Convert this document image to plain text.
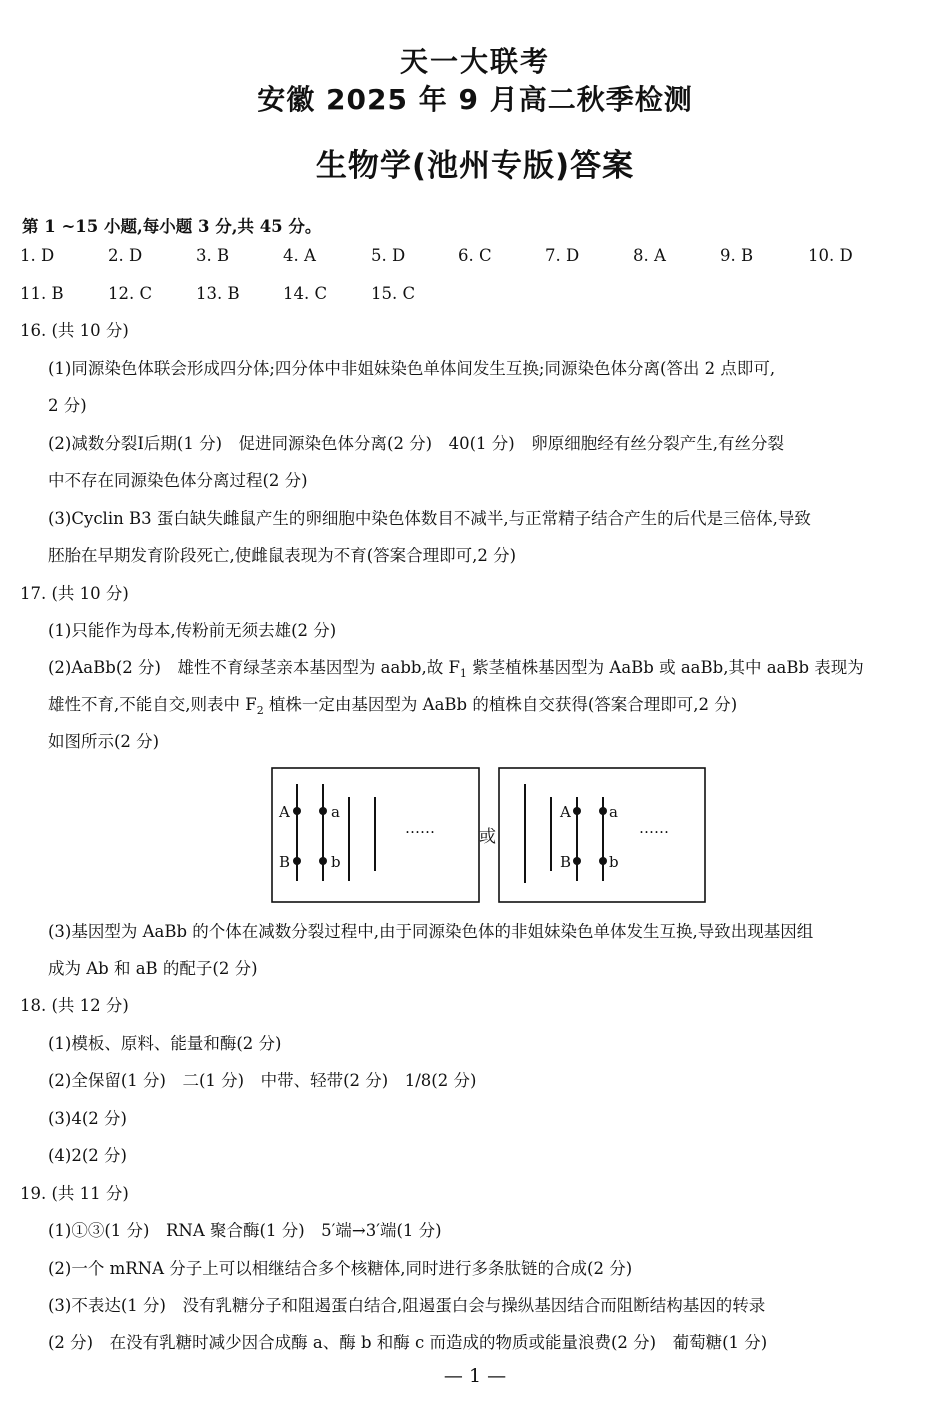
天一大联考
安徽 2025 年 9 月高二秋季检测
生物学(池州专版)答案
第 1 ~15 小题,每小题 3 分,共 45 分。
1. D	2. D	3. B	4. A	5. D	6. C	7. D	8. A	9. B	10. D
11. B	12. C	13. B	14. C	15. C
16. (共 10 分)
(1)同源染色体联会形成四分体;四分体中非姐妹染色单体间发生互换;同源染色体分离(答出 2 点即可,
2 分)
(2)减数分裂Ⅰ后期(1 分)　促进同源染色体分离(2 分)　40(1 分)　卵原细胞经有丝分裂产生,有丝分裂
中不存在同源染色体分离过程(2 分)
(3)Cyclin B3 蛋白缺失雌鼠产生的卵细胞中染色体数目不减半,与正常精子结合产生的后代是三倍体,导致
胚胎在早期发育阶段死亡,使雌鼠表现为不育(答案合理即可,2 分)
17. (共 10 分)
(1)只能作为母本,传粉前无须去雄(2 分)
(2)AaBb(2 分)　雄性不育绿茎亲本基因型为 aabb,故 $F_1$ 紫茎植株基因型为 AaBb 或 aaBb,其中 aaBb 表现为
雄性不育,不能自交,则表中 $F_2$ 植株一定由基因型为 AaBb 的植株自交获得(答案合理即可,2 分)
如图所示(2 分)
A	a
B	b
……	或
A	a
B	b
……
(3)基因型为 AaBb 的个体在减数分裂过程中,由于同源染色体的非姐妹染色单体发生互换,导致出现基因组
成为 Ab 和 aB 的配子(2 分)
18. (共 12 分)
(1)模板、原料、能量和酶(2 分)
(2)全保留(1 分)　二(1 分)　中带、轻带(2 分)　1/8(2 分)
(3)4(2 分)
(4)2(2 分)
19. (共 11 分)
(1)①③(1 分)　RNA 聚合酶(1 分)　5′端→3′端(1 分)
(2)一个 mRNA 分子上可以相继结合多个核糖体,同时进行多条肽链的合成(2 分)
(3)不表达(1 分)　没有乳糖分子和阻遏蛋白结合,阻遏蛋白会与操纵基因结合而阻断结构基因的转录
(2 分)　在没有乳糖时减少因合成酶 a、酶 b 和酶 c 而造成的物质或能量浪费(2 分)　葡萄糖(1 分)
— 1 —
